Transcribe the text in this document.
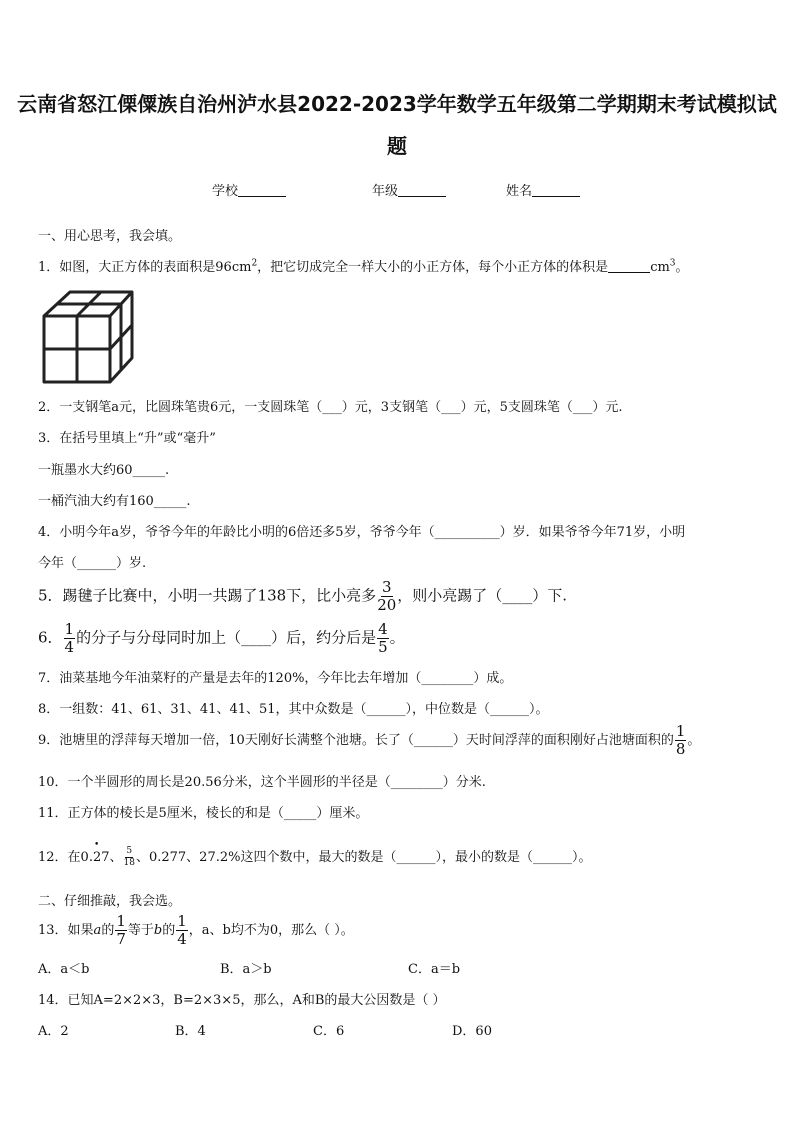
云南省怒江傈僳族自治州泸水县2022-2023学年数学五年级第二学期期末考试模拟试
题
学校	年级	姓名
一、用心思考，我会填。
1．如图，大正方体的表面积是$96cm^2$，把它切成完全一样大小的小正方体，每个小正方体的体积是	$cm^3$。
2．一支钢笔a元，比圆珠笔贵6元，一支圆珠笔（___）元，3支钢笔（___）元，5支圆珠笔（___）元.
3．在括号里填上“升”或“毫升”
一瓶墨水大约60_____.
一桶汽油大约有160_____.
4．小明今年a岁，爷爷今年的年龄比小明的6倍还多5岁，爷爷今年（__________）岁．如果爷爷今年71岁，小明
今年（______）岁.
5．踢毽子比赛中，小明一共踢了138下，比小亮多 $\frac{3}{20}$ ，则小亮踢了（____）下.
6． $\frac{1}{4}$ 的分子与分母同时加上（____）后，约分后是 $\frac{4}{5}$ 。
7．油菜基地今年油菜籽的产量是去年的120%，今年比去年增加（________）成。
8．一组数：41、61、31、41、41、51，其中众数是（______），中位数是（______）。
9．池塘里的浮萍每天增加一倍，10天刚好长满整个池塘。长了（______）天时间浮萍的面积刚好占池塘面积的 $\frac{1}{8}$ 。
10．一个半圆形的周长是20.56分米，这个半圆形的半径是（________）分米.
11．正方体的棱长是5厘米，棱长的和是（_____）厘米。
12．在0.• 27、 $\frac{5}{18}$ 、0.277、27.2%这四个数中，最大的数是（______），最小的数是（______）。
二、仔细推敲，我会选。
13．如果a的 $\frac{1}{7}$ 等于b的 $\frac{1}{4}$ ，a、b均不为0，那么（ ）。
A．a＜b	B．a＞b	C．a＝b
14．已知A=2×2×3，B=2×3×5，那么，A和B的最大公因数是（ ）
A．2	B．4	C．6	D．60
